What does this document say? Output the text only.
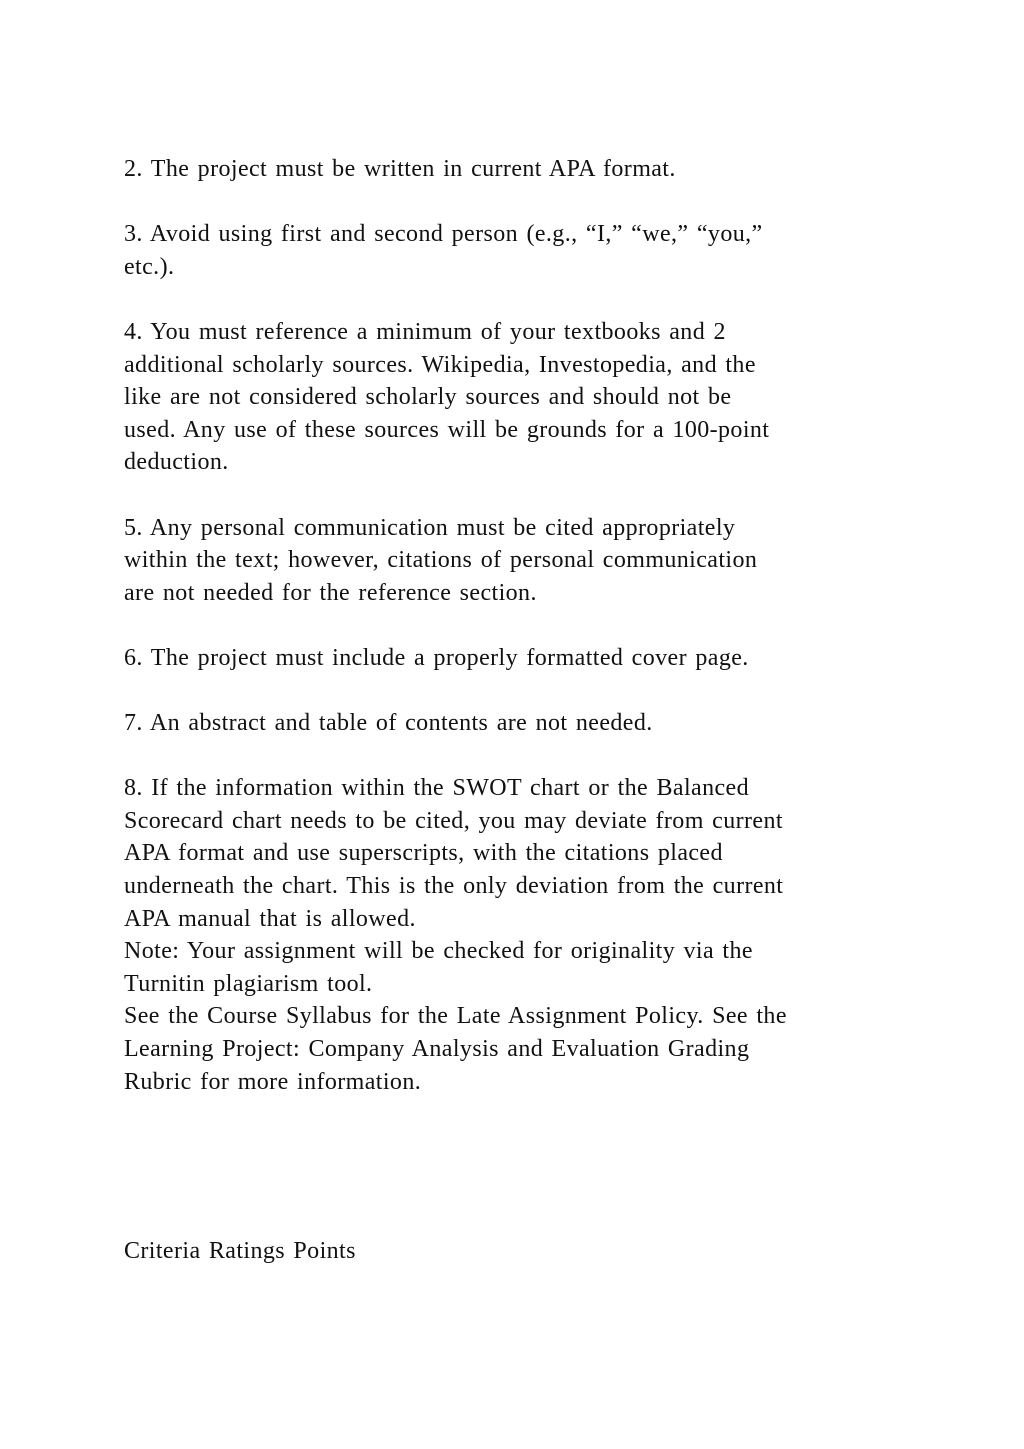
2. The project must be written in current APA format.
3. Avoid using first and second person (e.g., “I,” “we,” “you,”
etc.).
4. You must reference a minimum of your textbooks and 2
additional scholarly sources. Wikipedia, Investopedia, and the
like are not considered scholarly sources and should not be
used. Any use of these sources will be grounds for a 100-point
deduction.
5. Any personal communication must be cited appropriately
within the text; however, citations of personal communication
are not needed for the reference section.
6. The project must include a properly formatted cover page.
7. An abstract and table of contents are not needed.
8. If the information within the SWOT chart or the Balanced
Scorecard chart needs to be cited, you may deviate from current
APA format and use superscripts, with the citations placed
underneath the chart. This is the only deviation from the current
APA manual that is allowed.
Note: Your assignment will be checked for originality via the
Turnitin plagiarism tool.
See the Course Syllabus for the Late Assignment Policy. See the
Learning Project: Company Analysis and Evaluation Grading
Rubric for more information.
Criteria Ratings Points
